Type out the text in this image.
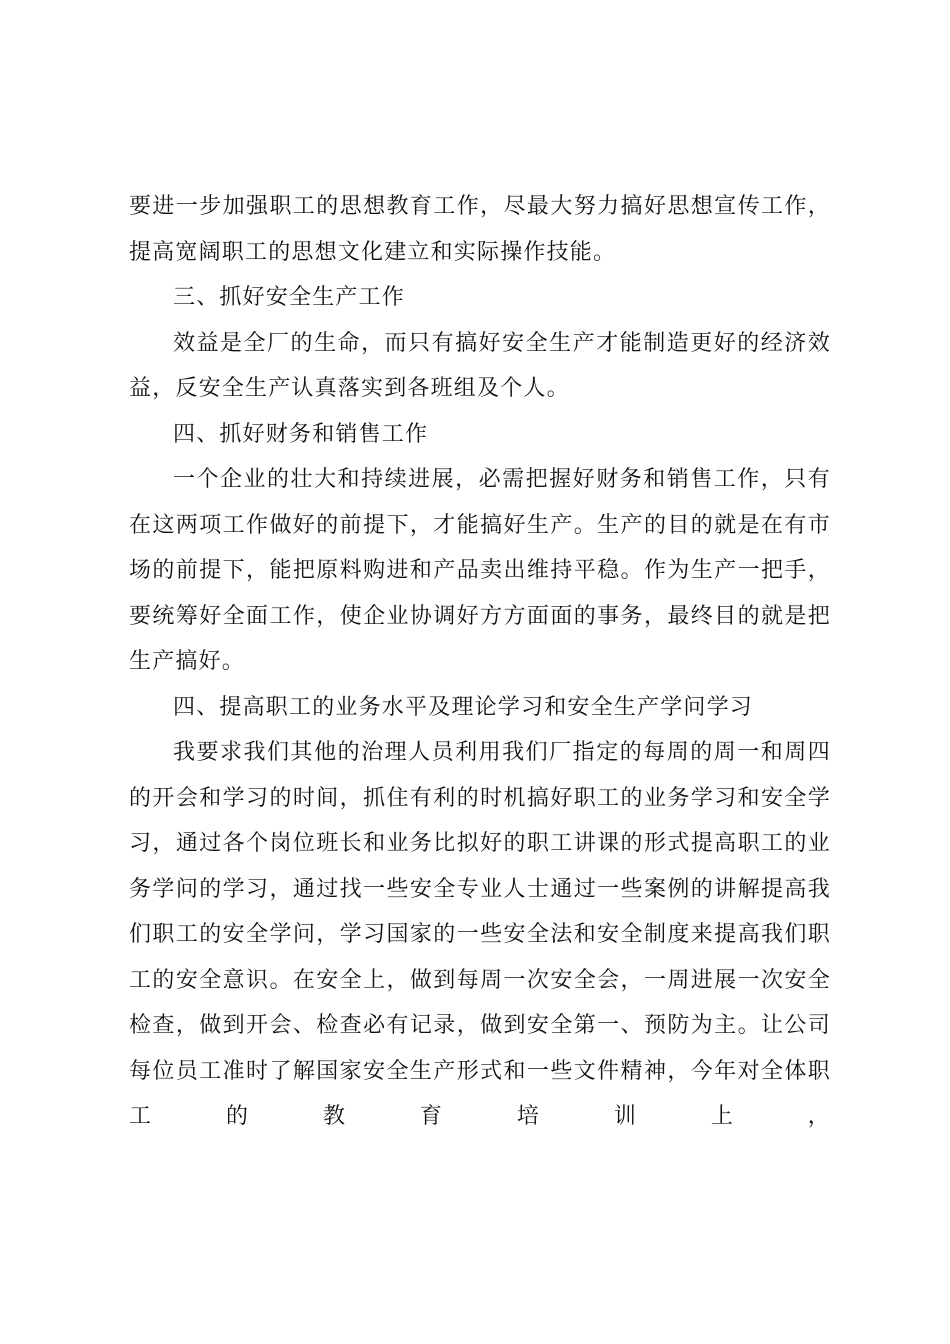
要进一步加强职工的思想教育工作，尽最大努力搞好思想宣传工作，提高宽阔职工的思想文化建立和实际操作技能。

三、抓好安全生产工作

效益是全厂的生命，而只有搞好安全生产才能制造更好的经济效益，反安全生产认真落实到各班组及个人。

四、抓好财务和销售工作

一个企业的壮大和持续进展，必需把握好财务和销售工作，只有在这两项工作做好的前提下，才能搞好生产。生产的目的就是在有市场的前提下，能把原料购进和产品卖出维持平稳。作为生产一把手，要统筹好全面工作，使企业协调好方方面面的事务，最终目的就是把生产搞好。

四、提高职工的业务水平及理论学习和安全生产学问学习

我要求我们其他的治理人员利用我们厂指定的每周的周一和周四的开会和学习的时间，抓住有利的时机搞好职工的业务学习和安全学习，通过各个岗位班长和业务比拟好的职工讲课的形式提高职工的业务学问的学习，通过找一些安全专业人士通过一些案例的讲解提高我们职工的安全学问，学习国家的一些安全法和安全制度来提高我们职工的安全意识。在安全上，做到每周一次安全会，一周进展一次安全检查，做到开会、检查必有记录，做到安全第一、预防为主。让公司每位员工准时了解国家安全生产形式和一些文件精神，今年对全体职工的教育培训上，
